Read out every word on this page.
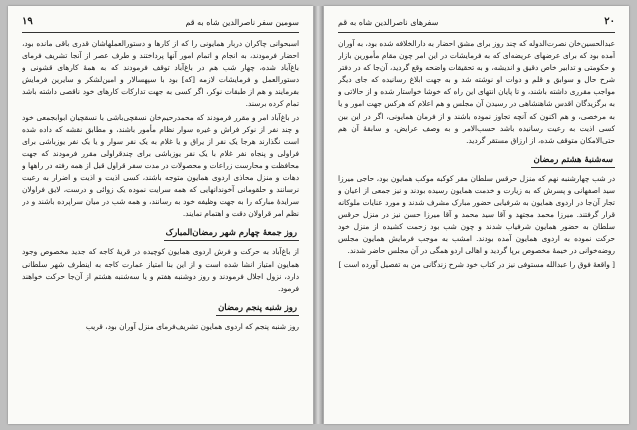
۱۹	سومین سفر ناصرالدین شاه به قم

اسبحوانی چاکران دربار همایونی را که از کارها و دستورالعملهاشان قدری باقی مانده بود، احضار فرمودند، به انجام و اتمام امور آنها پرداختند و طرف عصر از آنجا تشریف فرمای باغ‌آباد شده، چهار شب هم در باغ‌آباد توقف فرمودند که به همهٔ کارهای قشونی و دستورالعمل و فرمایشات لازمه [که] بود با سپهسالار و امین‌لشکر و سایرین فرمایش بفرمایند و هم از طبقات نوکر، اگر کسی به جهت تدارکات کارهای خود ناقصی داشته باشد تمام کرده برسند.

در باغ‌آباد امر و مقرر فرمودند که محمدرحیم‌خان نسقچی‌باشی با نسقچیان ابوابجمعی خود و چند نفر از نوکر فراش و غیره سوار نظام مأمور باشند، و مطابق نقشه که داده شده است نگذارند هرجا یک نفر از یراق و یا غلام به یک نفر سوار و یا یک نفر یوزباشی برای فراولی و پنجاه نفر غلام با یک نفر یوزباشی برای چندقراولی مقرر فرمودند که جهت محافظت و محارست زراعات و محصولات در مدت سفر قراول قبل از همه رفته در راهها و دهات و منزل محاذی اردوی همایون متوجه باشند، کسی اذیت و اذیت و اضرار به رعیت نرسانند و حلقومانی آخوندانهایی که همه سرایت نموده یک زوائی و درست، لایق فراولان سرایدهٔ مبارکه را به جهت وظیفه خود به رسانند، و همه شب در میان سراپرده باشند و در نظم امر قراولان دقت و اهتمام نمایند.

روز جمعهٔ چهارم شهر رمضان‌المبارک

از باغ‌آباد به حرکت و فرش اردوی همایون کوچیده در قریهٔ کاجه که جدید مخصوص وجود همایون امتیاز انشا شده است و از این بنا امتیاز عمارت کاجه به اینطرف شهر سلطانی دارد، نزول اجلال فرمودند و روز دوشنبه هفتم و یا سه‌شنبه هشتم از آن‌جا حرکت خواهند فرمود.

روز شنبه پنجم رمضان

روز شنبه پنجم که اردوی همایون تشریف‌فرمای منزل آوران بود، قریب

۲۰
سفرهای ناصرالدین شاه به قم

عبدالحسین‌خان نصرت‌الدوله که چند روز برای مشق احضار به دارالخلافه شده بود، به آوران آمده بود که برای عرضهای عریضه‌ای که به فرمایشات در این امر چون مقام مأمورین بازار و حکومتی و تدابیر خاص دقیق و اندیشه، و به تحقیقات واضحه وقع گردید، آن‌جا که در دفتر شرح حال و سوابق و قلم و دوات او نوشته شد و به جهت ابلاغ رسانیده که جای دیگر مواجب مقرری داشته باشند، و تا پایان انتهای این راه که خوشا خواستار شده و از حالاتی و به برگزیدگان اقدس شاهنشاهی در رسیدن آن مجلس و هم اعلام که هرکس جهت امور و یا به مرخصی، و هم اکنون که آنچه تجاوز نموده باشند و از فرمان همایونی، اگر در این بین کسی اذیت به رعیت رسانیده باشد حسب‌الامر و به وصف عرایض، و سابقهٔ آن هم حتی‌الامکان متوقف شده، از ارزاق مستقر گردید.

سه‌شنبهٔ هشتم رمضان

در شب چهارشنبه نهم که منزل حرقس سلطان مقر کوکبه موکب همایون بود، حاجی میرزا سید اصفهانی و پسرش که به زیارت و خدمت همایون رسیده بودند و نیز جمعی از اعیان و تجار آن‌جا در اردوی همایون به شرفیابی حضور مبارک مشرف شدند و مورد عنایات ملوکانه قرار گرفتند. میرزا محمد مجتهد و آقا سید محمد و آقا میرزا حسن نیز در منزل حرقس سلطان به حضور همایون شرفیاب شدند و چون شب بود زحمت کشیده از منزل خود حرکت نموده به اردوی همایون آمده بودند. امشب به موجب فرمایش همایون مجلس روضه‌خوانی در خیمهٔ مخصوص برپا گردید و اهالی اردو همگی در آن مجلس حاضر شدند.

[ واقعهٔ فوق را عبدالله مستوفی نیز در کتاب خود شرح زندگانی من به تفصیل آورده است ]
